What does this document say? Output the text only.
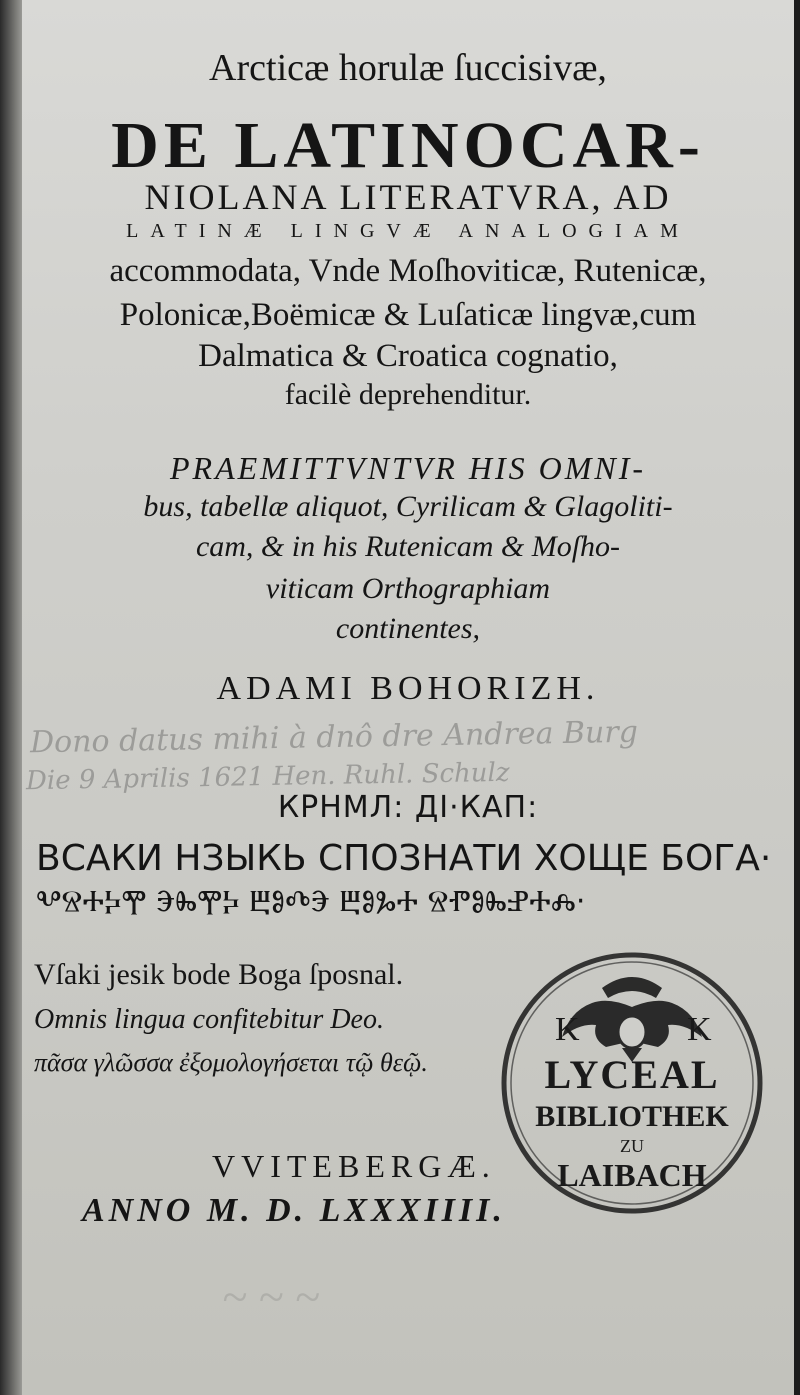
Arcticæ horulæ ſuccisivæ,
DE LATINOCAR-
NIOLANA LITERATVRA, AD
LATINÆ LINGVÆ ANALOGIAM
accommodata, Vnde Moſhoviticæ, Rutenicæ,
Polonicæ,Boëmicæ & Luſaticæ lingvæ,cum
Dalmatica & Croatica cognatio,
facilè deprehenditur.
PRAEMITTVNTVR HIS OMNI-
bus, tabellæ aliquot, Cyrilicam & Glagoliti-
cam, & in his Rutenicam & Moſho-
viticam Orthographiam
continentes,
ADAMI BOHORIZH.
Dono datus mihi à dnô dre Andrea Burg
Die 9 Aprilis 1621 Hen. Ruhl. Schulz
КРНМЛ: ДІ·КАП:
ВСАКИ НЗЫКЬ СПОЗНАТИ ХОЩЕ БОГА·
ⰂⰔⰀⰍⰉ ⰅⰈⰉⰍ ⰁⰑⰄⰅ ⰁⰑⰃⰀ ⰔⰒⰑⰈⰐⰀⰎ·
Vſaki jesik bode Boga ſposnal.
Omnis lingua confitebitur Deo.
πᾶσα γλῶσσα ἐξομολογήσεται τῷ θεῷ.
VVITEBERGÆ.
ANNO M. D. LXXXIIII.
~ ~ ~
K	K
LYCEAL
BIBLIOTHEK
ZU
LAIBACH
